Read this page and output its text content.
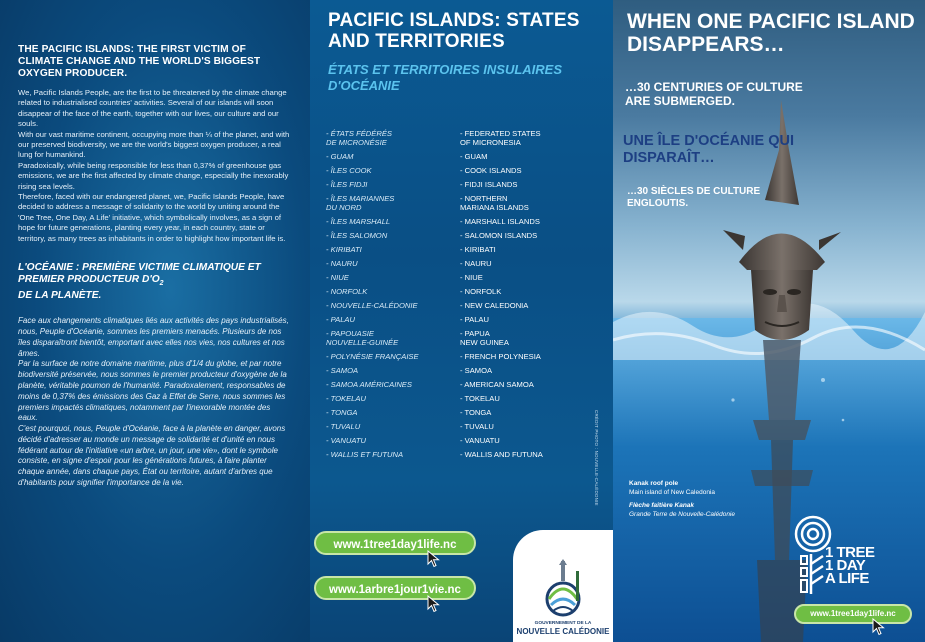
THE PACIFIC ISLANDS: THE FIRST VICTIM OF CLIMATE CHANGE AND THE WORLD'S BIGGEST OXYGEN PRODUCER.

We, Pacific Islands People, are the first to be threatened by the climate change related to industrialised countries' activities. Several of our islands will soon disappear of the face of the earth, together with our lives, our culture and our souls.

With our vast maritime continent, occupying more than ¼ of the planet, and with our preserved biodiversity, we are the world's biggest oxygen producer, a real lung for humankind.

Paradoxically, while being responsible for less than 0,37% of greenhouse gas emissions, we are the first affected by climate change, especially the inexorably rising sea levels.

Therefore, faced with our endangered planet, we, Pacific Islands People, have decided to address a message of solidarity to the world by uniting around the 'One Tree, One Day, A Life' initiative, which symbolically involves, as a sign of hope for future generations, planting every year, in each country, state or territory, as many trees as inhabitants in order to highlight how important life is.

L'OCÉANIE : PREMIÈRE VICTIME CLIMATIQUE ET PREMIER PRODUCTEUR $D'O_2$
DE LA PLANÈTE.

Face aux changements climatiques liés aux activités des pays industrialisés, nous, Peuple d'Océanie, sommes les premiers menacés. Plusieurs de nos îles disparaîtront bientôt, emportant avec elles nos vies, nos cultures et nos âmes.

Par la surface de notre domaine maritime, plus d'1/4 du globe, et par notre biodiversité préservée, nous sommes le premier producteur d'oxygène de la planète, véritable poumon de l'humanité. Paradoxalement, responsables de moins de 0,37% des émissions des Gaz à Effet de Serre, nous sommes les premiers impactés climatiques, notamment par l'inexorable montée des eaux.

C'est pourquoi, nous, Peuple d'Océanie, face à la planète en danger, avons décidé d'adresser au monde un message de solidarité et d'unité en nous fédérant autour de l'initiative «un arbre, un jour, une vie», dont le symbole consiste, en signe d'espoir pour les générations futures, à faire planter chaque année, dans chaque pays, État ou territoire, autant d'arbres que d'habitants pour signifier l'importance de la vie.

PACIFIC ISLANDS: STATES AND TERRITORIES
ÉTATS ET TERRITOIRES INSULAIRES D'OCÉANIE
- ÉTATS FÉDÉRÉS
DE MICRONÉSIE
- GUAM
- ÎLES COOK
- ÎLES FIDJI
- ÎLES MARIANNES
DU NORD
- ÎLES MARSHALL
- ÎLES SALOMON
- KIRIBATI
- NAURU
- NIUE
- NORFOLK
- NOUVELLE-CALÉDONIE
- PALAU
- PAPOUASIE
NOUVELLE-GUINÉE
- POLYNÉSIE FRANÇAISE
- SAMOA
- SAMOA AMÉRICAINES
- TOKELAU
- TONGA
- TUVALU
- VANUATU
- WALLIS ET FUTUNA
- FEDERATED STATES
OF MICRONESIA
- GUAM
- COOK ISLANDS
- FIDJI ISLANDS
- NORTHERN
MARIANA ISLANDS
- MARSHALL ISLANDS
- SALOMON ISLANDS
- KIRIBATI
- NAURU
- NIUE
- NORFOLK
- NEW CALEDONIA
- PALAU
- PAPUA
NEW GUINEA
- FRENCH POLYNESIA
- SAMOA
- AMERICAN SAMOA
- TOKELAU
- TONGA
- TUVALU
- VANUATU
- WALLIS AND FUTUNA
www.1tree1day1life.nc
www.1arbre1jour1vie.nc
GOUVERNEMENT DE LA
NOUVELLE CALÉDONIE
CRÉDIT PHOTO : NOUVELLE-CALÉDONIE
WHEN ONE PACIFIC ISLAND DISAPPEARS…
…30 CENTURIES OF CULTURE ARE SUBMERGED.
UNE ÎLE D'OCÉANIE QUI DISPARAÎT…
…30 SIÈCLES DE CULTURE ENGLOUTIS.
Kanak roof pole
Main island of New Caledonia
Flèche faîtière Kanak
Grande Terre de Nouvelle-Calédonie
1 TREE
1 DAY
A LIFE
www.1tree1day1life.nc
